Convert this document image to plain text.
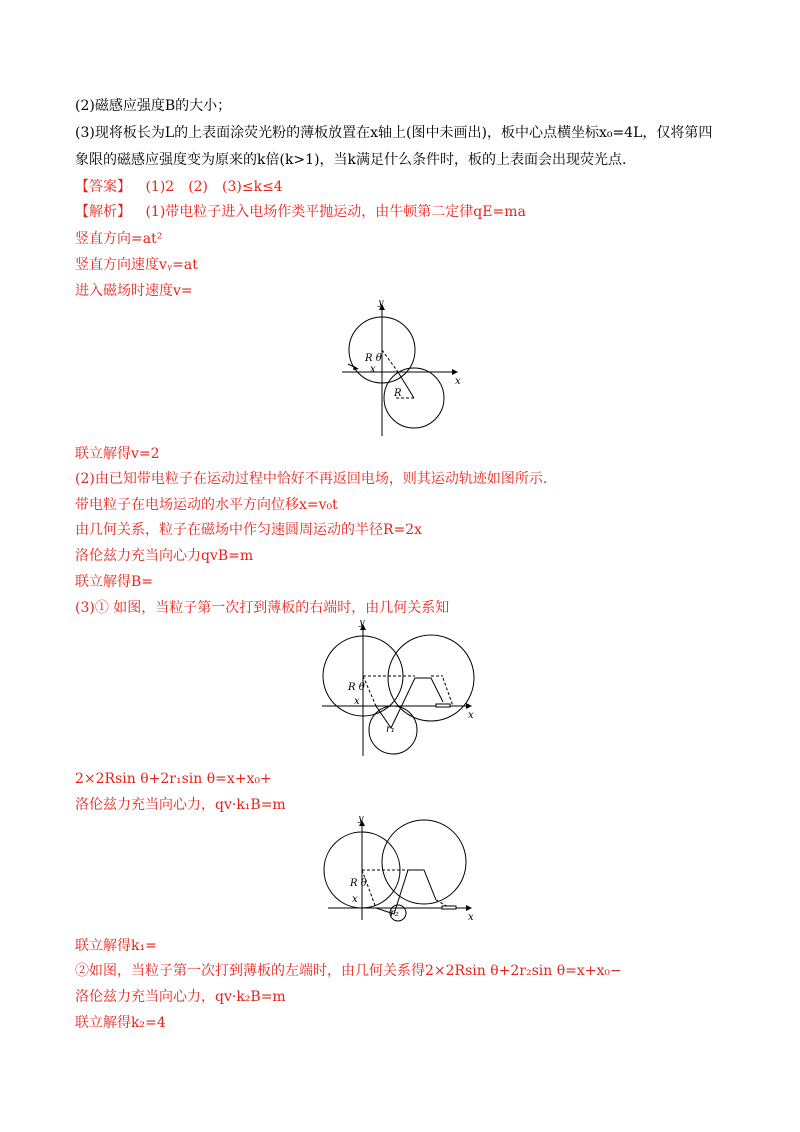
(2)磁感应强度B的大小；
(3)现将板长为L的上表面涂荧光粉的薄板放置在x轴上(图中未画出)，板中心点横坐标x₀=4L，仅将第四
象限的磁感应强度变为原来的k倍(k>1)，当k满足什么条件时，板的上表面会出现荧光点.
【答案】 (1)2　(2)　(3)≤k≤4
【解析】 (1)带电粒子进入电场作类平抛运动，由牛顿第二定律qE=ma
竖直方向=at²
竖直方向速度vᵧ=at
进入磁场时速度v=
y
x
R θ
x
R
联立解得v=2
(2)由已知带电粒子在运动过程中恰好不再返回电场，则其运动轨迹如图所示.
带电粒子在电场运动的水平方向位移x=v₀t
由几何关系，粒子在磁场中作匀速圆周运动的半径R=2x
洛伦兹力充当向心力qvB=m
联立解得B=
(3)① 如图，当粒子第一次打到薄板的右端时，由几何关系知
y
x
R θ
x
r₁
2×2Rsin θ+2r₁sin θ=x+x₀+
洛伦兹力充当向心力，qv·k₁B=m
y
x
R θ
x
r₂
联立解得k₁=
②如图，当粒子第一次打到薄板的左端时，由几何关系得2×2Rsin θ+2r₂sin θ=x+x₀−
洛伦兹力充当向心力，qv·k₂B=m
联立解得k₂=4
